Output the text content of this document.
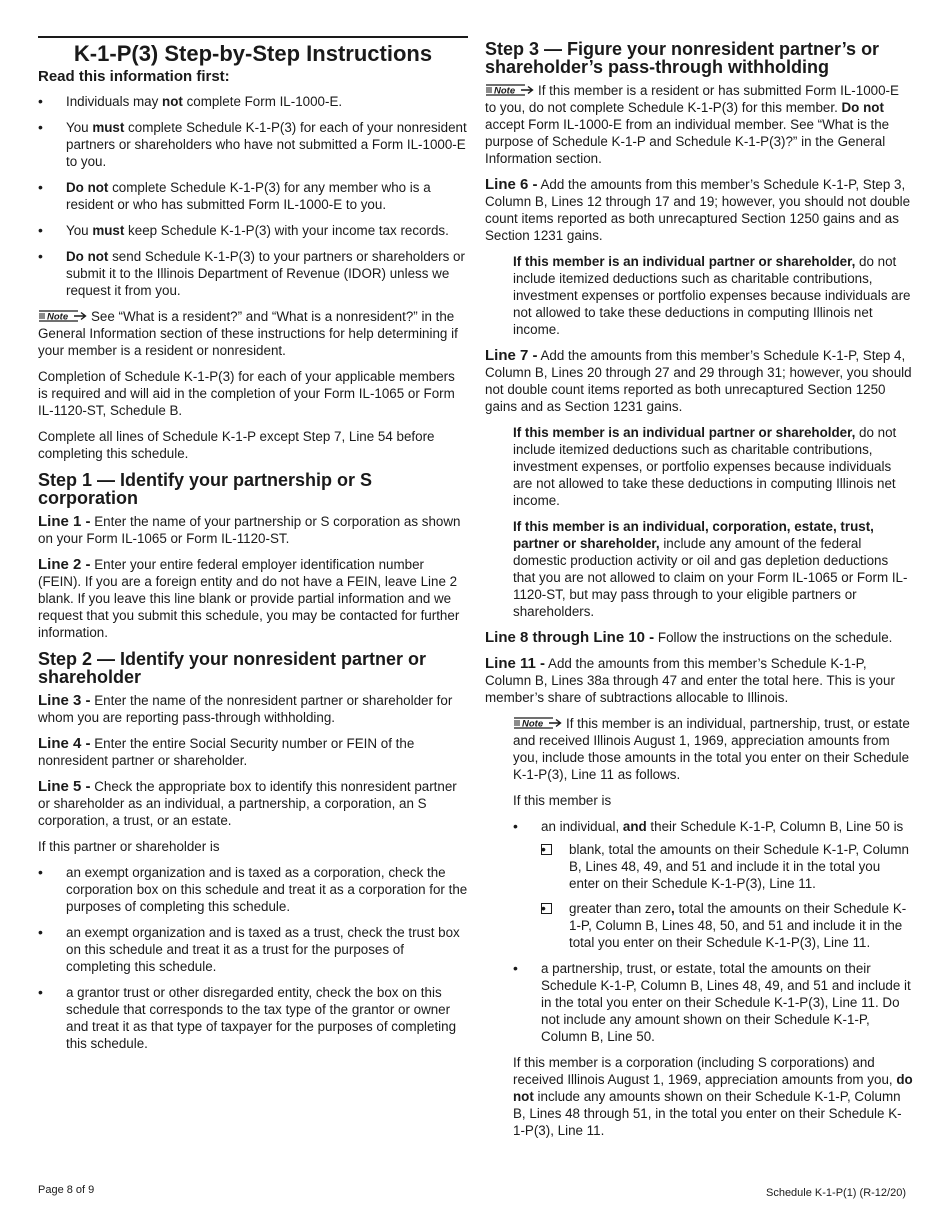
K-1-P(3) Step-by-Step Instructions
Read this information first:
• Individuals may not complete Form IL-1000-E.
• You must complete Schedule K-1-P(3) for each of your nonresident partners or shareholders who have not submitted a Form IL-1000-E to you.
• Do not complete Schedule K-1-P(3) for any member who is a resident or who has submitted Form IL-1000-E to you.
• You must keep Schedule K-1-P(3) with your income tax records.
• Do not send Schedule K-1-P(3) to your partners or shareholders or submit it to the Illinois Department of Revenue (IDOR) unless we request it from you.

See “What is a resident?” and “What is a nonresident?” in the General Information section of these instructions for help determining if your member is a resident or nonresident.

Completion of Schedule K-1-P(3) for each of your applicable members is required and will aid in the completion of your Form IL-1065 or Form IL-1120-ST, Schedule B.

Complete all lines of Schedule K-1-P except Step 7, Line 54 before completing this schedule.

Step 1 — Identify your partnership or S corporation

Line 1 - Enter the name of your partnership or S corporation as shown on your Form IL-1065 or Form IL-1120-ST.

Line 2 - Enter your entire federal employer identification number (FEIN). If you are a foreign entity and do not have a FEIN, leave Line 2 blank. If you leave this line blank or provide partial information and we request that you submit this schedule, you may be contacted for further information.

Step 2 — Identify your nonresident partner or shareholder

Line 3 - Enter the name of the nonresident partner or shareholder for whom you are reporting pass-through withholding.

Line 4 - Enter the entire Social Security number or FEIN of the nonresident partner or shareholder.

Line 5 - Check the appropriate box to identify this nonresident partner or shareholder as an individual, a partnership, a corporation, an S corporation, a trust, or an estate.

If this partner or shareholder is

• an exempt organization and is taxed as a corporation, check the corporation box on this schedule and treat it as a corporation for the purposes of completing this schedule.
• an exempt organization and is taxed as a trust, check the trust box on this schedule and treat it as a trust for the purposes of completing this schedule.
• a grantor trust or other disregarded entity, check the box on this schedule that corresponds to the tax type of the grantor or owner and treat it as that type of taxpayer for the purposes of completing this schedule.
Step 3 — Figure your nonresident partner’s or shareholder’s pass-through withholding

If this member is a resident or has submitted Form IL-1000-E to you, do not complete Schedule K-1-P(3) for this member. Do not accept Form IL-1000-E from an individual member. See “What is the purpose of Schedule K-1-P and Schedule K-1-P(3)?” in the General Information section.

Line 6 - Add the amounts from this member’s Schedule K-1-P, Step 3, Column B, Lines 12 through 17 and 19; however, you should not double count items reported as both unrecaptured Section 1250 gains and as Section 1231 gains.

If this member is an individual partner or shareholder, do not include itemized deductions such as charitable contributions, investment expenses or portfolio expenses because individuals are not allowed to take these deductions in computing Illinois net income.

Line 7 - Add the amounts from this member’s Schedule K-1-P, Step 4, Column B, Lines 20 through 27 and 29 through 31; however, you should not double count items reported as both unrecaptured Section 1250 gains and as Section 1231 gains.

If this member is an individual partner or shareholder, do not include itemized deductions such as charitable contributions, investment expenses, or portfolio expenses because individuals are not allowed to take these deductions in computing Illinois net income.

If this member is an individual, corporation, estate, trust, partner or shareholder, include any amount of the federal domestic production activity or oil and gas depletion deductions that you are not allowed to claim on your Form IL-1065 or Form IL-1120-ST, but may pass through to your eligible partners or shareholders.

Line 8 through Line 10 - Follow the instructions on the schedule.

Line 11 - Add the amounts from this member’s Schedule K-1-P, Column B, Lines 38a through 47 and enter the total here. This is your member’s share of subtractions allocable to Illinois.

If this member is an individual, partnership, trust, or estate and received Illinois August 1, 1969, appreciation amounts from you, include those amounts in the total you enter on their Schedule K-1-P(3), Line 11 as follows.

If this member is

• an individual, and their Schedule K-1-P, Column B, Line 50 is
• blank, total the amounts on their Schedule K-1-P, Column B, Lines 48, 49, and 51 and include it in the total you enter on their Schedule K-1-P(3), Line 11.
• greater than zero, total the amounts on their Schedule K-1-P, Column B, Lines 48, 50, and 51 and include it in the total you enter on their Schedule K-1-P(3), Line 11.
• a partnership, trust, or estate, total the amounts on their Schedule K-1-P, Column B, Lines 48, 49, and 51 and include it in the total you enter on their Schedule K-1-P(3), Line 11. Do not include any amount shown on their Schedule K-1-P, Column B, Line 50.

If this member is a corporation (including S corporations) and received Illinois August 1, 1969, appreciation amounts from you, do not include any amounts shown on their Schedule K-1-P, Column B, Lines 48 through 51, in the total you enter on their Schedule K-1-P(3), Line 11.

Page 8 of 9	Schedule K-1-P(1) (R-12/20)
